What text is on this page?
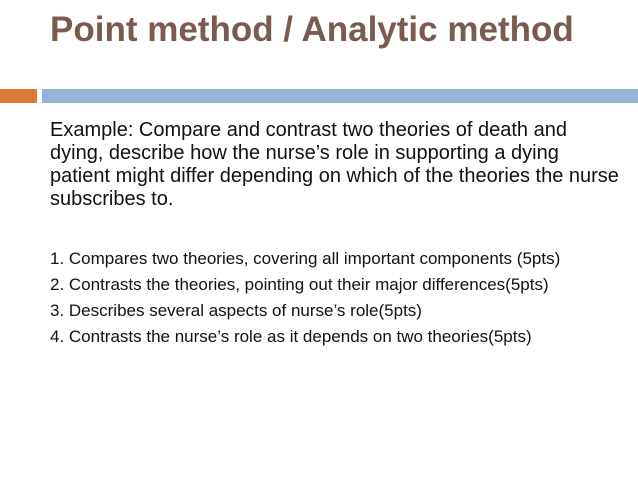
Point method / Analytic method

Example: Compare and contrast two theories of death and dying, describe how the nurse’s role in supporting a dying patient might differ depending on which of the theories the nurse subscribes to.

1. Compares two theories, covering all important components (5pts)
2. Contrasts the theories, pointing out their major differences(5pts)
3. Describes several aspects of nurse’s role(5pts)
4. Contrasts the nurse’s role as it depends on two theories(5pts)
